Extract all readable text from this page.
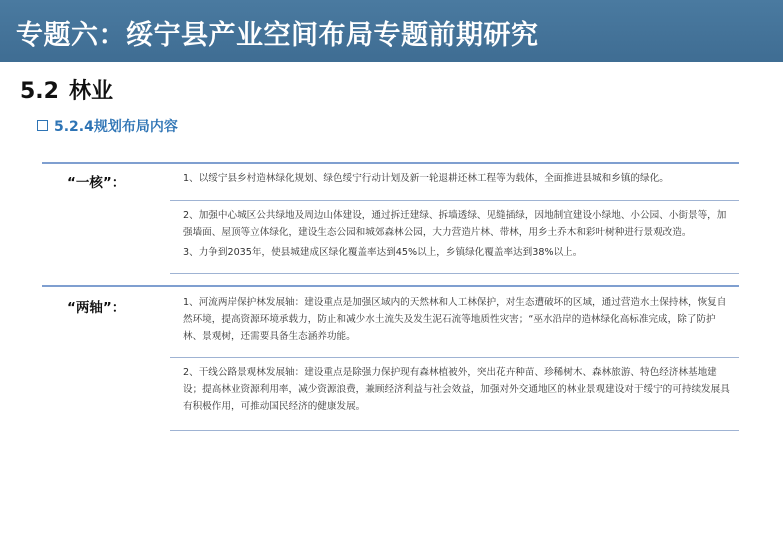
专题六：绥宁县产业空间布局专题前期研究
5.2 林业
5.2.4规划布局内容
“一核”：	1、以绥宁县乡村造林绿化规划、绿色绥宁行动计划及新一轮退耕还林工程等为载体，全面推进县城和乡镇的绿化。
2、加强中心城区公共绿地及周边山体建设，通过拆迁建绿、拆墙透绿、见缝插绿，因地制宜建设小绿地、小公园、小街景等，加强墙面、屋顶等立体绿化，建设生态公园和城郊森林公园，大力营造片林、带林，用乡土乔木和彩叶树种进行景观改造。
3、力争到2035年，使县城建成区绿化覆盖率达到45%以上，乡镇绿化覆盖率达到38%以上。
“两轴”：	1、河流两岸保护林发展轴：建设重点是加强区域内的天然林和人工林保护，对生态遭破坏的区域，通过营造水土保持林，恢复自然环境，提高资源环境承载力，防止和减少水土流失及发生泥石流等地质性灾害；“巫水沿岸的造林绿化高标准完成，除了防护林、景观树，还需要具备生态涵养功能。
2、干线公路景观林发展轴：建设重点是除强力保护现有森林植被外，突出花卉种苗、珍稀树木、森林旅游、特色经济林基地建设；提高林业资源利用率，减少资源浪费，兼顾经济利益与社会效益，加强对外交通地区的林业景观建设对于绥宁的可持续发展具有积极作用，可推动国民经济的健康发展。
